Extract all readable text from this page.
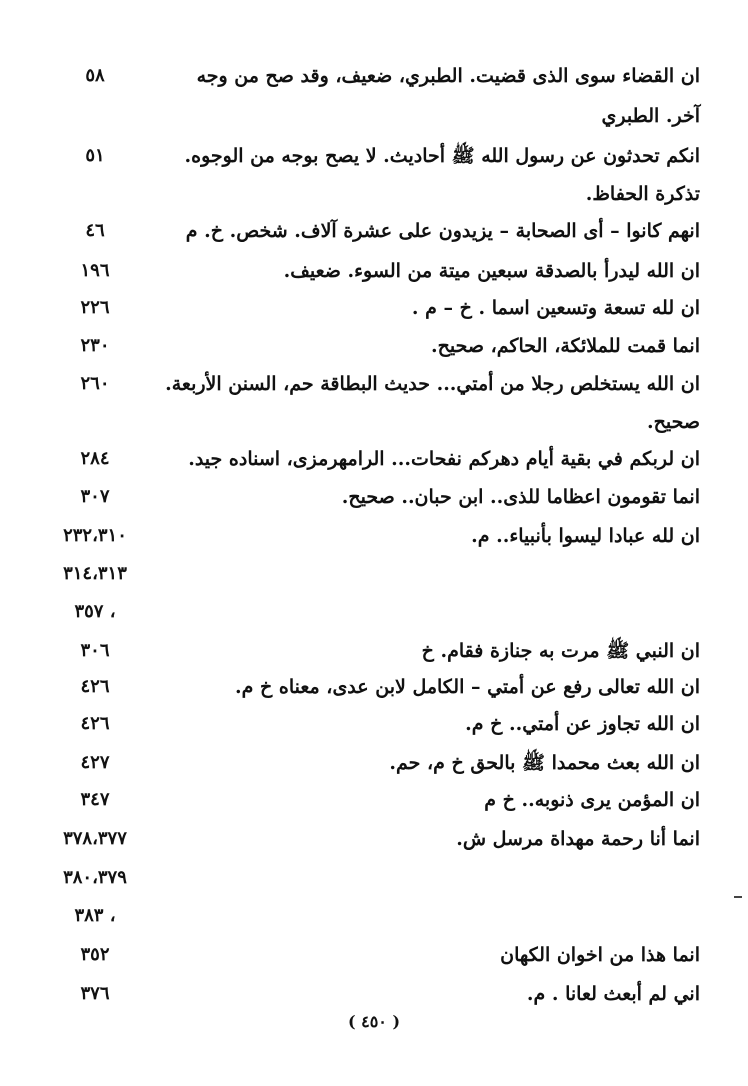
ان القضاء سوى الذى قضيت. الطبري، ضعيف، وقد صح من وجه
٥٨
آخر. الطبري
انكم تحدثون عن رسول الله ﷺ أحاديث. لا يصح بوجه من الوجوه.
٥١
تذكرة الحفاظ.
انهم كانوا – أى الصحابة – يزيدون على عشرة آلاف. شخص. خ. م
٤٦
ان الله ليدرأ بالصدقة سبعين ميتة من السوء. ضعيف.
١٩٦
ان لله تسعة وتسعين اسما . خ – م .
٢٢٦
انما قمت للملائكة، الحاكم، صحيح.
٢٣٠
ان الله يستخلص رجلا من أمتي... حديث البطاقة حم، السنن الأربعة.
٢٦٠
صحيح.
ان لربكم في بقية أيام دهركم نفحات... الرامهرمزى، اسناده جيد.
٢٨٤
انما تقومون اعظاما للذى.. ابن حبان.. صحيح.
٣٠٧
ان لله عبادا ليسوا بأنبياء.. م.
٢٣٢،٣١٠
٣١٤،٣١٣
، ٣٥٧
ان النبي ﷺ مرت به جنازة فقام. خ
٣٠٦
ان الله تعالى رفع عن أمتي – الكامل لابن عدى، معناه خ م.
٤٢٦
ان الله تجاوز عن أمتي.. خ م.
٤٢٦
ان الله بعث محمدا ﷺ بالحق خ م، حم.
٤٢٧
ان المؤمن يرى ذنوبه.. خ م
٣٤٧
انما أنا رحمة مهداة مرسل ش.
٣٧٨،٣٧٧
٣٨٠،٣٧٩
، ٣٨٣
انما هذا من اخوان الكهان
٣٥٢
اني لم أبعث لعانا . م.
٣٧٦
( ٤٥٠ )
